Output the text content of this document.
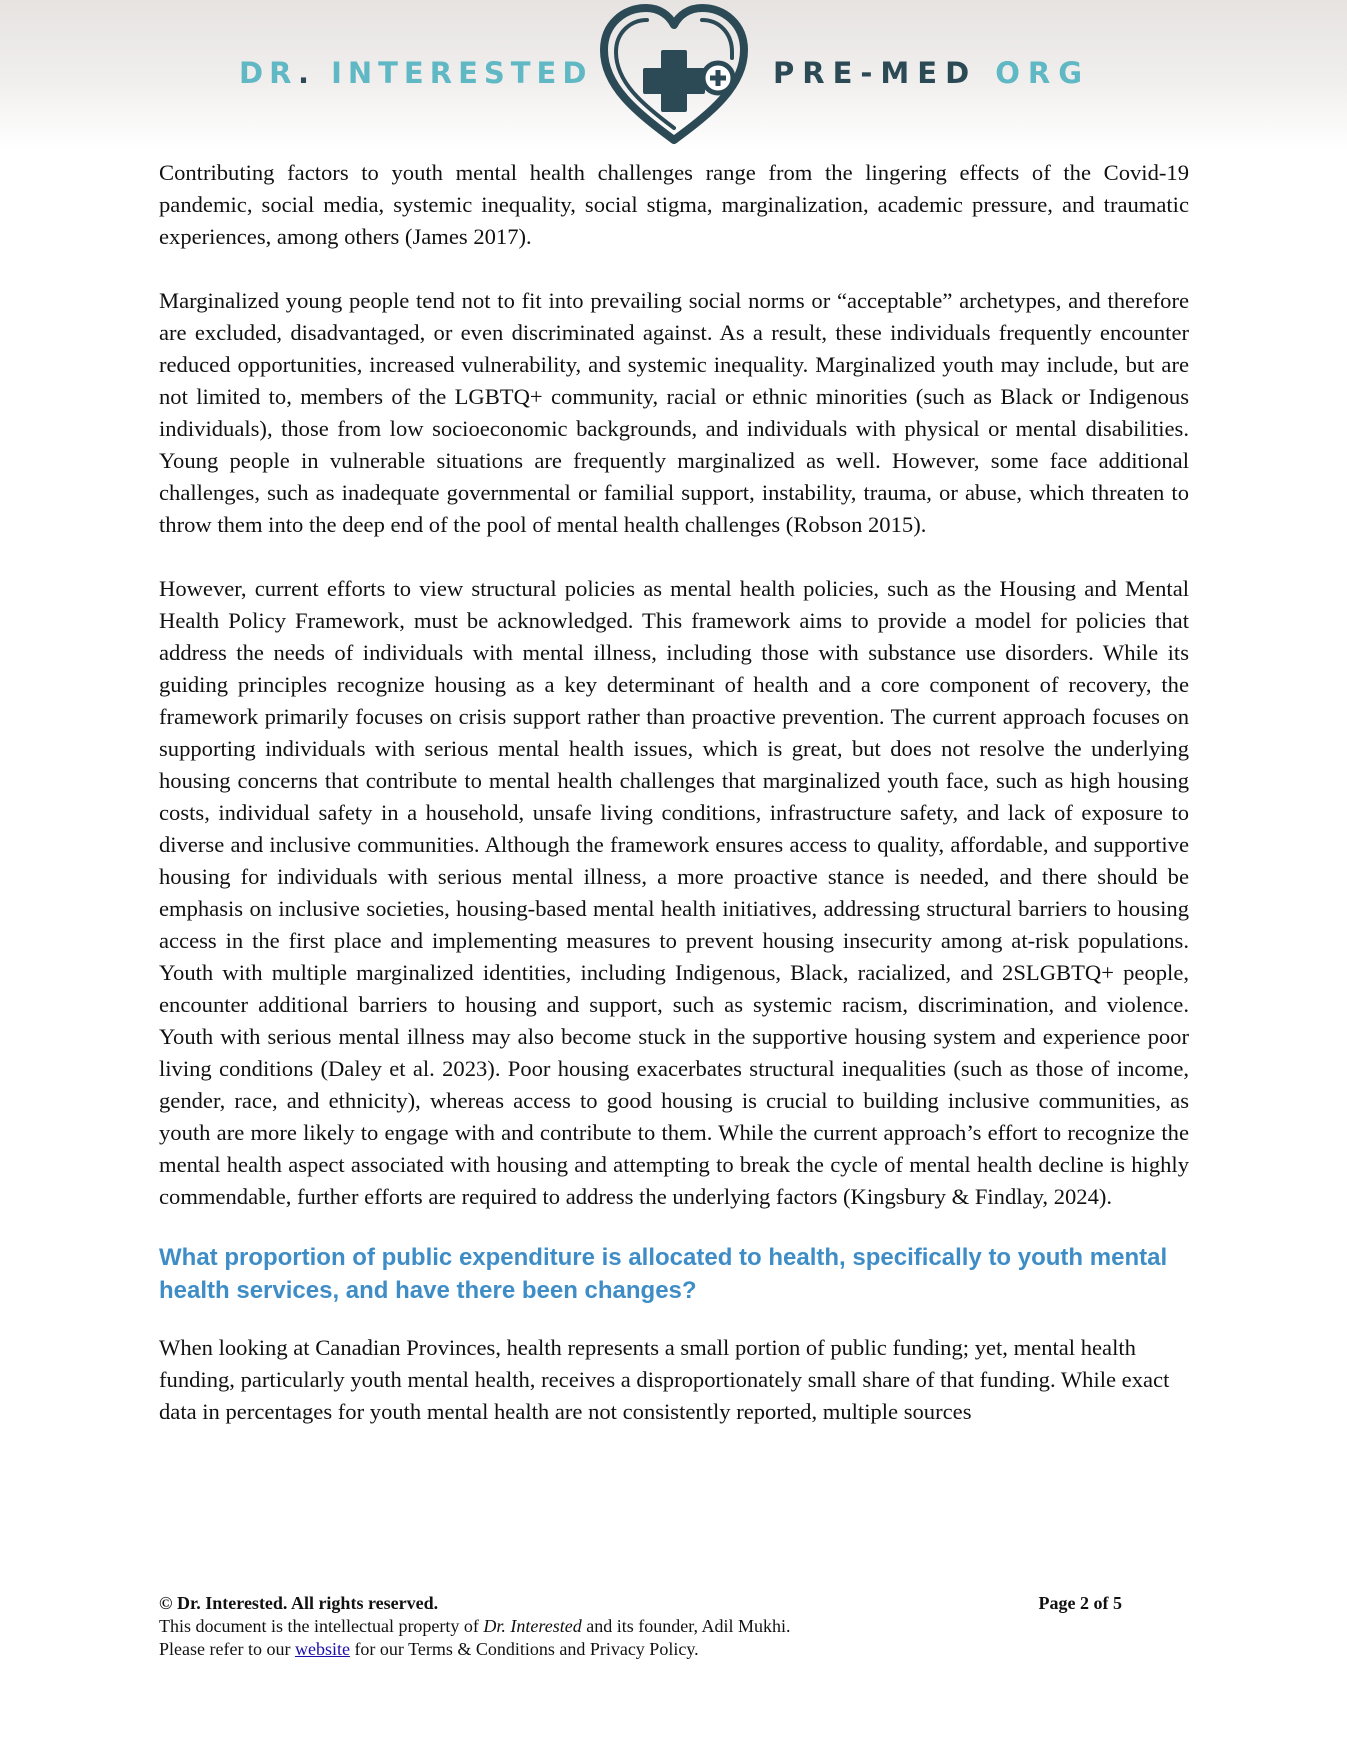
DR. INTERESTED	PRE-MED ORG

Contributing factors to youth mental health challenges range from the lingering effects of the Covid-19 pandemic, social media, systemic inequality, social stigma, marginalization, academic pressure, and traumatic experiences, among others (James 2017).

Marginalized young people tend not to fit into prevailing social norms or “acceptable” archetypes, and therefore are excluded, disadvantaged, or even discriminated against. As a result, these individuals frequently encounter reduced opportunities, increased vulnerability, and systemic inequality. Marginalized youth may include, but are not limited to, members of the LGBTQ+ community, racial or ethnic minorities (such as Black or Indigenous individuals), those from low socioeconomic backgrounds, and individuals with physical or mental disabilities. Young people in vulnerable situations are frequently marginalized as well. However, some face additional challenges, such as inadequate governmental or familial support, instability, trauma, or abuse, which threaten to throw them into the deep end of the pool of mental health challenges (Robson 2015).

However, current efforts to view structural policies as mental health policies, such as the Housing and Mental Health Policy Framework, must be acknowledged. This framework aims to provide a model for policies that address the needs of individuals with mental illness, including those with substance use disorders. While its guiding principles recognize housing as a key determinant of health and a core component of recovery, the framework primarily focuses on crisis support rather than proactive prevention. The current approach focuses on supporting individuals with serious mental health issues, which is great, but does not resolve the underlying housing concerns that contribute to mental health challenges that marginalized youth face, such as high housing costs, individual safety in a household, unsafe living conditions, infrastructure safety, and lack of exposure to diverse and inclusive communities. Although the framework ensures access to quality, affordable, and supportive housing for individuals with serious mental illness, a more proactive stance is needed, and there should be emphasis on inclusive societies, housing-based mental health initiatives, addressing structural barriers to housing access in the first place and implementing measures to prevent housing insecurity among at-risk populations. Youth with multiple marginalized identities, including Indigenous, Black, racialized, and 2SLGBTQ+ people, encounter additional barriers to housing and support, such as systemic racism, discrimination, and violence. Youth with serious mental illness may also become stuck in the supportive housing system and experience poor living conditions (Daley et al. 2023). Poor housing exacerbates structural inequalities (such as those of income, gender, race, and ethnicity), whereas access to good housing is crucial to building inclusive communities, as youth are more likely to engage with and contribute to them. While the current approach’s effort to recognize the mental health aspect associated with housing and attempting to break the cycle of mental health decline is highly commendable, further efforts are required to address the underlying factors (Kingsbury & Findlay, 2024).

What proportion of public expenditure is allocated to health, specifically to youth mental health services, and have there been changes?

When looking at Canadian Provinces, health represents a small portion of public funding; yet, mental health funding, particularly youth mental health, receives a disproportionately small share of that funding. While exact data in percentages for youth mental health are not consistently reported, multiple sources

© Dr. Interested. All rights reserved.	Page 2 of 5
This document is the intellectual property of Dr. Interested and its founder, Adil Mukhi.
Please refer to our website for our Terms & Conditions and Privacy Policy.
